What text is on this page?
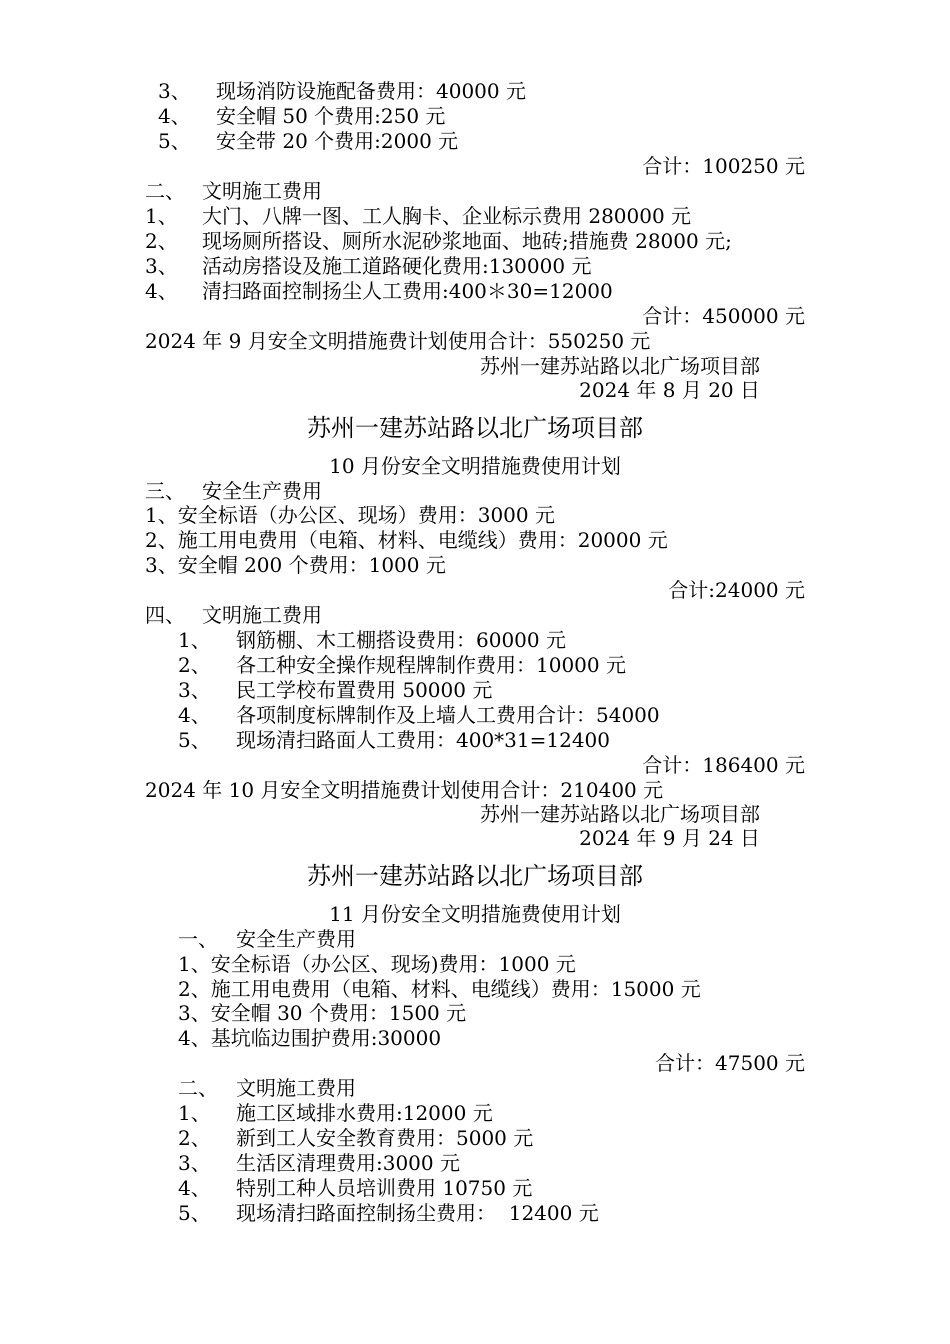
3、 现场消防设施配备费用：40000 元
4、 安全帽 50 个费用:250 元
5、 安全带 20 个费用:2000 元
合计：100250 元
二、 文明施工费用
1、 大门、八牌一图、工人胸卡、企业标示费用 280000 元
2、 现场厕所搭设、厕所水泥砂浆地面、地砖;措施费 28000 元;
3、 活动房搭设及施工道路硬化费用:130000 元
4、 清扫路面控制扬尘人工费用:400＊30=12000
合计：450000 元
2024 年 9 月安全文明措施费计划使用合计：550250 元
苏州一建苏站路以北广场项目部
2024 年 8 月 20 日
苏州一建苏站路以北广场项目部
10 月份安全文明措施费使用计划
三、 安全生产费用
1、安全标语（办公区、现场）费用：3000 元
2、施工用电费用（电箱、材料、电缆线）费用：20000 元
3、安全帽 200 个费用：1000 元
合计:24000 元
四、 文明施工费用
1、 钢筋棚、木工棚搭设费用：60000 元
2、 各工种安全操作规程牌制作费用：10000 元
3、 民工学校布置费用 50000 元
4、 各项制度标牌制作及上墙人工费用合计：54000
5、 现场清扫路面人工费用：400*31=12400
合计：186400 元
2024 年 10 月安全文明措施费计划使用合计：210400 元
苏州一建苏站路以北广场项目部
2024 年 9 月 24 日
苏州一建苏站路以北广场项目部
11 月份安全文明措施费使用计划
一、 安全生产费用
1、安全标语（办公区、现场)费用：1000 元
2、施工用电费用（电箱、材料、电缆线）费用：15000 元
3、安全帽 30 个费用：1500 元
4、基坑临边围护费用:30000
合计：47500 元
二、 文明施工费用
1、 施工区域排水费用:12000 元
2、 新到工人安全教育费用：5000 元
3、 生活区清理费用:3000 元
4、 特别工种人员培训费用 10750 元
5、 现场清扫路面控制扬尘费用：  12400 元
